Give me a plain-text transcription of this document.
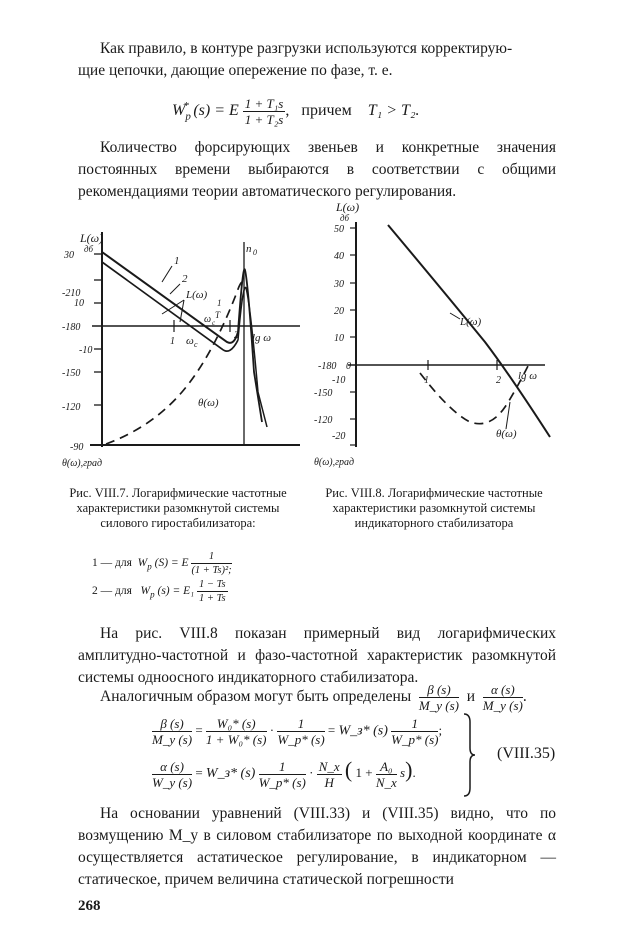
Как правило, в контуре разгрузки используются корректирую-
щие цепочки, дающие опережение по фазе, т. е.
$W_p^*$ (s) = E $\frac{\text{1 + T₁s}}{\text{1 + T₂s}}$ ,   причем T₁ > T₂.
Количество форсирующих звеньев и конкретные значения постоянных времени выбираются в соответствии с общими рекомендациями теории автоматического регулирования.
L(ω)
дб
30
-210
10
-180
-10
-150
-120
-90
1
2 lg ω
1
2
L(ω)
ω c
ω c
1
T
θ(ω)
n 0
θ(ω),град
L(ω)
дб
50
40
30
20
10
-180 0
-10
-150
-120
-20
1	2 lg ω
L(ω)
θ(ω)
θ(ω),град
Рис. VIII.7. Логарифмические частотные характеристики разомкнутой системы силового гиростабилизатора:
Рис. VIII.8. Логарифмические частотные характеристики разомкнутой системы индикаторного стабилизатора
1 — для $W_p$ (S) = E $\frac{1}{\text{(1 + Ts)²;}}$
2 — для $W_p$ $(s) = E_1 \frac{1 - Ts}{1 + Ts}$
На рис. VIII.8 показан примерный вид логарифмических амплитудно-частотной и фазо-частотной характеристик разомкнутой системы одноосного индикаторного стабилизатора.
Аналогичным образом могут быть определены $\frac{\beta (s)}{M\_y (s)}$ и $\frac{\alpha (s)}{M\_y (s)}$ .
$\frac{\beta (s)}{M\_y (s)} = \frac{\text{W₀* (s)}}{\text{1 + W₀* (s)}} \cdot \frac{1}{W\_p* (s)}$ = W_з* $(s) \frac{1}{W\_p* (s)}$ ;
$\frac{\alpha (s)}{W\_y (s)}$ = W_з* $(s) \frac{1}{W\_p* (s)} \cdot \frac{N\_x}{H}$ ( $1 + \frac{\text{A₀}}{N\_x} s$).
(VIII.35)
На основании уравнений (VIII.33) и (VIII.35) видно, что по возмущению M_y в силовом стабилизаторе по выходной координате α осуществляется астатическое регулирование, в индикаторном — статическое, причем величина статической погрешности
268
